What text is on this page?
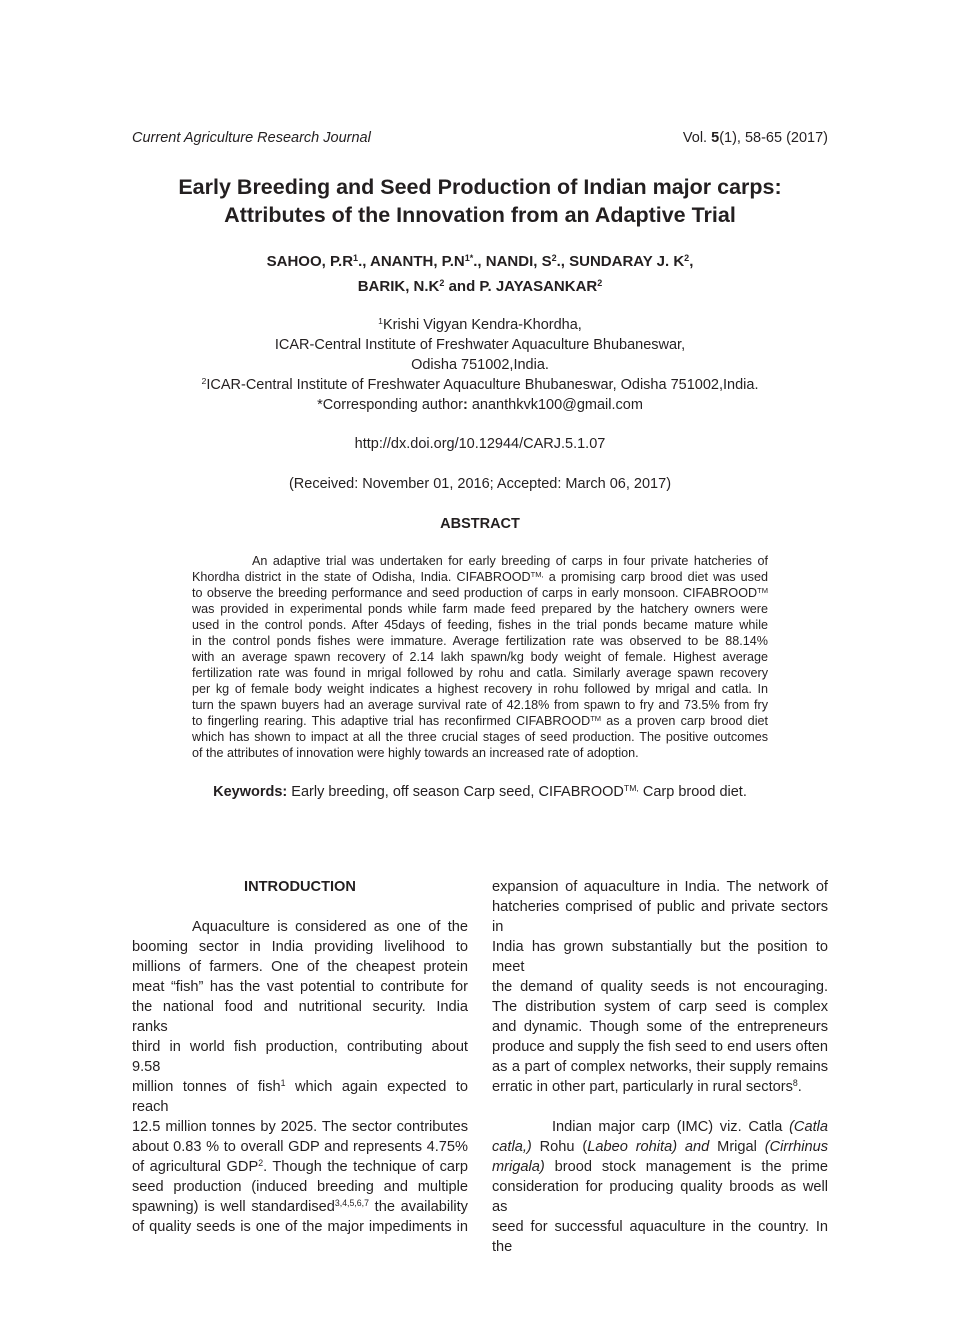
Current Agriculture Research Journal	Vol. 5(1), 58-65 (2017)
Early Breeding and Seed Production of Indian major carps:
Attributes of the Innovation from an Adaptive Trial
SAHOO, $P.R^1$., ANANTH, $P.N^{1*}$., NANDI, $S^2$., SUNDARAY J. $K^2$,
BARIK, $N.K^2$ and P. JAYASANKAR$^2$
$^1$Krishi Vigyan Kendra-Khordha,
ICAR-Central Institute of Freshwater Aquaculture Bhubaneswar,
Odisha 751002,India.
$^2$ICAR-Central Institute of Freshwater Aquaculture Bhubaneswar, Odisha 751002,India.
*Corresponding author: ananthkvk100@gmail.com
http://dx.doi.org/10.12944/CARJ.5.1.07
(Received: November 01, 2016; Accepted: March 06, 2017)
ABSTRACT
An adaptive trial was undertaken for early breeding of carps in four private hatcheries of
Khordha district in the state of Odisha, India. $CIFABROOD^{TM,}$ a promising carp brood diet was used
to observe the breeding performance and seed production of carps in early monsoon. CIFABROOD™
was provided in experimental ponds while farm made feed prepared by the hatchery owners were
used in the control ponds. After 45days of feeding, fishes in the trial ponds became mature while
in the control ponds fishes were immature. Average fertilization rate was observed to be 88.14%
with an average spawn recovery of 2.14 lakh spawn/kg body weight of female. Highest average
fertilization rate was found in mrigal followed by rohu and catla. Similarly average spawn recovery
per kg of female body weight indicates a highest recovery in rohu followed by mrigal and catla. In
turn the spawn buyers had an average survival rate of 42.18% from spawn to fry and 73.5% from fry
to fingerling rearing. This adaptive trial has reconfirmed CIFABROOD™ as a proven carp brood diet
which has shown to impact at all the three crucial stages of seed production. The positive outcomes
of the attributes of innovation were highly towards an increased rate of adoption.
Keywords: Early breeding, off season Carp seed, $CIFABROOD^{TM,}$ Carp brood diet.
INTRODUCTION
Aquaculture is considered as one of the
booming sector in India providing livelihood to
millions of farmers. One of the cheapest protein
meat “fish” has the vast potential to contribute for
the national food and nutritional security. India ranks
third in world fish production, contributing about 9.58
million tonnes of fish$^1$ which again expected to reach
12.5 million tonnes by 2025. The sector contributes
about 0.83 % to overall GDP and represents 4.75%
of agricultural GDP$^2$. Though the technique of carp
seed production (induced breeding and multiple
spawning) is well standardised$^{3,4,5,6,7}$ the availability
of quality seeds is one of the major impediments in
expansion of aquaculture in India. The network of
hatcheries comprised of public and private sectors in
India has grown substantially but the position to meet
the demand of quality seeds is not encouraging.
The distribution system of carp seed is complex
and dynamic. Though some of the entrepreneurs
produce and supply the fish seed to end users often
as a part of complex networks, their supply remains
erratic in other part, particularly in rural sectors$^8$.
Indian major carp (IMC) viz. Catla (Catla
catla,) Rohu (Labeo rohita) and Mrigal (Cirrhinus
mrigala) brood stock management is the prime
consideration for producing quality broods as well as
seed for successful aquaculture in the country. In the
